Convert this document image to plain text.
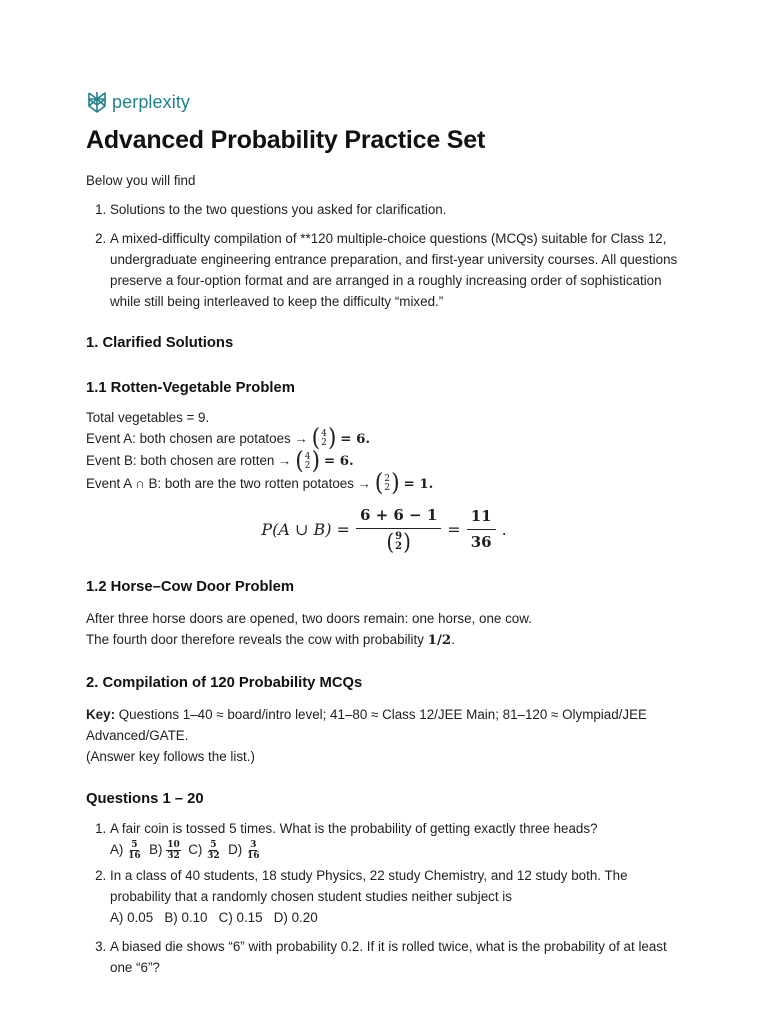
perplexity
Advanced Probability Practice Set

Below you will find

1. Solutions to the two questions you asked for clarification.
2. A mixed-difficulty compilation of **120 multiple-choice questions (MCQs) suitable for Class 12, undergraduate engineering entrance preparation, and first-year university courses. All questions preserve a four-option format and are arranged in a roughly increasing order of sophistication while still being interleaved to keep the difficulty “mixed.”
1. Clarified Solutions
1.1 Rotten-Vegetable Problem

Total vegetables = 9.

Event A: both chosen are potatoes → ( 4
2 ) = 6.

Event B: both chosen are rotten → ( 4
2 ) = 6.

Event A ∩ B: both are the two rotten potatoes → ( 2
2 ) = 1.

P(A ∪ B) = 6 + 6 − 1
( 9
2 ) = $\frac{11}{36}$ .
1.2 Horse–Cow Door Problem

After three horse doors are opened, two doors remain: one horse, one cow.

The fourth door therefore reveals the cow with probability 1/2.

2. Compilation of 120 Probability MCQs

Key: Questions 1–40 ≈ board/intro level; 41–80 ≈ Class 12/JEE Main; 81–120 ≈ Olympiad/JEE Advanced/GATE.

(Answer key follows the list.)

Questions 1 – 20
1. A fair coin is tossed 5 times. What is the probability of getting exactly three heads?
$A) \frac{5}{16} B) \frac{10}{32} C) \frac{5}{32} D) \frac{3}{16}$
2. In a class of 40 students, 18 study Physics, 22 study Chemistry, and 12 study both. The probability that a randomly chosen student studies neither subject is
A) 0.05   B) 0.10   C) 0.15   D) 0.20
3. A biased die shows “6” with probability 0.2. If it is rolled twice, what is the probability of at least one “6”?
